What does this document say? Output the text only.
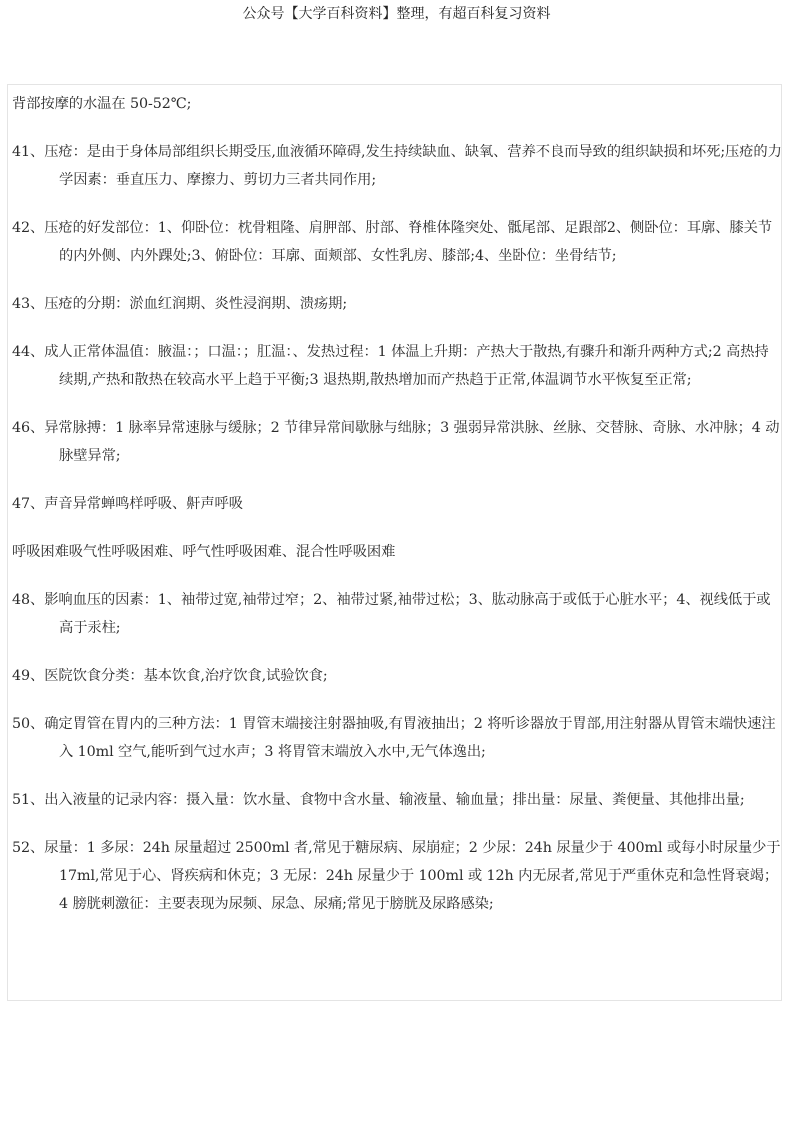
公众号【大学百科资料】整理，有超百科复习资料

背部按摩的水温在 50-52℃;

41、压疮：是由于身体局部组织长期受压,血液循环障碍,发生持续缺血、缺氧、营养不良而导致的组织缺损和坏死;压疮的力学因素：垂直压力、摩擦力、剪切力三者共同作用;

42、压疮的好发部位：1、仰卧位：枕骨粗隆、肩胛部、肘部、脊椎体隆突处、骶尾部、足跟部2、侧卧位：耳廓、膝关节的内外侧、内外踝处;3、俯卧位：耳廓、面颊部、女性乳房、膝部;4、坐卧位：坐骨结节;

43、压疮的分期：淤血红润期、炎性浸润期、溃疡期;

44、成人正常体温值：腋温：；口温：；肛温：、发热过程：1 体温上升期：产热大于散热,有骤升和渐升两种方式;2 高热持续期,产热和散热在较高水平上趋于平衡;3 退热期,散热增加而产热趋于正常,体温调节水平恢复至正常;

46、异常脉搏：1 脉率异常速脉与缓脉；2 节律异常间歇脉与绌脉；3 强弱异常洪脉、丝脉、交替脉、奇脉、水冲脉；4 动脉壁异常;

47、声音异常蝉鸣样呼吸、鼾声呼吸

呼吸困难吸气性呼吸困难、呼气性呼吸困难、混合性呼吸困难

48、影响血压的因素：1、袖带过宽,袖带过窄；2、袖带过紧,袖带过松；3、肱动脉高于或低于心脏水平；4、视线低于或高于汞柱;

49、医院饮食分类：基本饮食,治疗饮食,试验饮食;

50、确定胃管在胃内的三种方法：1 胃管末端接注射器抽吸,有胃液抽出；2 将听诊器放于胃部,用注射器从胃管末端快速注入 10ml 空气,能听到气过水声；3 将胃管末端放入水中,无气体逸出;

51、出入液量的记录内容：摄入量：饮水量、食物中含水量、输液量、输血量；排出量：尿量、粪便量、其他排出量;

52、尿量：1 多尿：24h 尿量超过 2500ml 者,常见于糖尿病、尿崩症；2 少尿：24h 尿量少于 400ml 或每小时尿量少于 17ml,常见于心、肾疾病和休克；3 无尿：24h 尿量少于 100ml 或 12h 内无尿者,常见于严重休克和急性肾衰竭；4 膀胱刺激征：主要表现为尿频、尿急、尿痛;常见于膀胱及尿路感染;
